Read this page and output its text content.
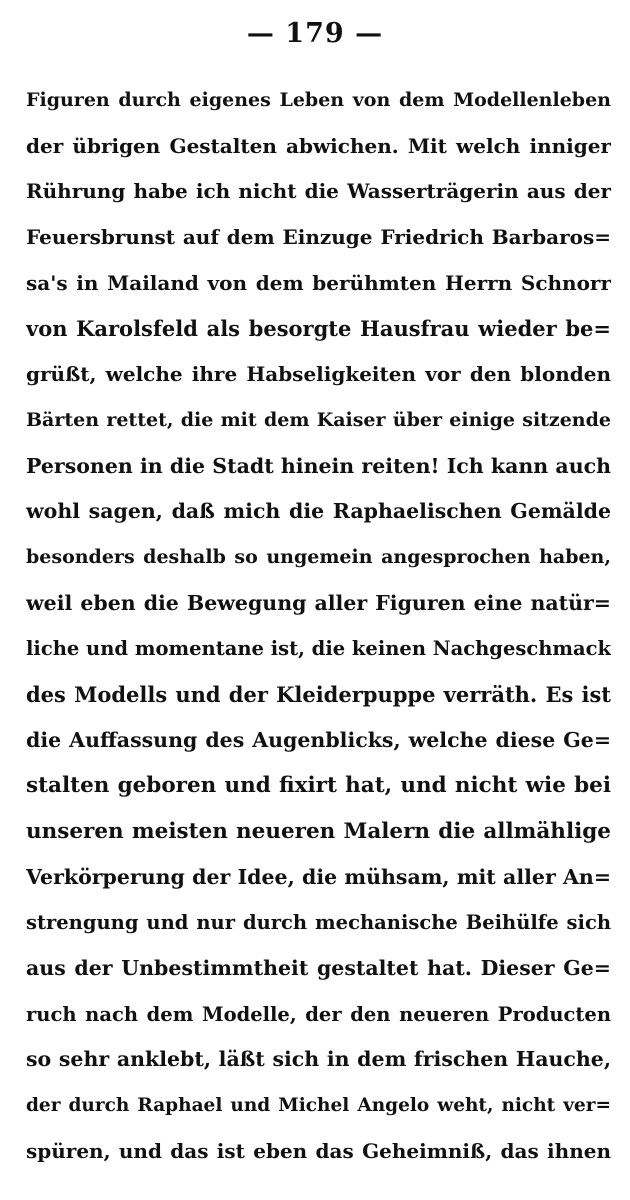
— 179 —
Figuren durch eigenes Leben von dem Modellenleben
der übrigen Gestalten abwichen. Mit welch inniger
Rührung habe ich nicht die Wasserträgerin aus der
Feuersbrunst auf dem Einzuge Friedrich Barbaros=
sa's in Mailand von dem berühmten Herrn Schnorr
von Karolsfeld als besorgte Hausfrau wieder be=
grüßt, welche ihre Habseligkeiten vor den blonden
Bärten rettet, die mit dem Kaiser über einige sitzende
Personen in die Stadt hinein reiten! Ich kann auch
wohl sagen, daß mich die Raphaelischen Gemälde
besonders deshalb so ungemein angesprochen haben,
weil eben die Bewegung aller Figuren eine natür=
liche und momentane ist, die keinen Nachgeschmack
des Modells und der Kleiderpuppe verräth. Es ist
die Auffassung des Augenblicks, welche diese Ge=
stalten geboren und fixirt hat, und nicht wie bei
unseren meisten neueren Malern die allmählige
Verkörperung der Idee, die mühsam, mit aller An=
strengung und nur durch mechanische Beihülfe sich
aus der Unbestimmtheit gestaltet hat. Dieser Ge=
ruch nach dem Modelle, der den neueren Producten
so sehr anklebt, läßt sich in dem frischen Hauche,
der durch Raphael und Michel Angelo weht, nicht ver=
spüren, und das ist eben das Geheimniß, das ihnen
